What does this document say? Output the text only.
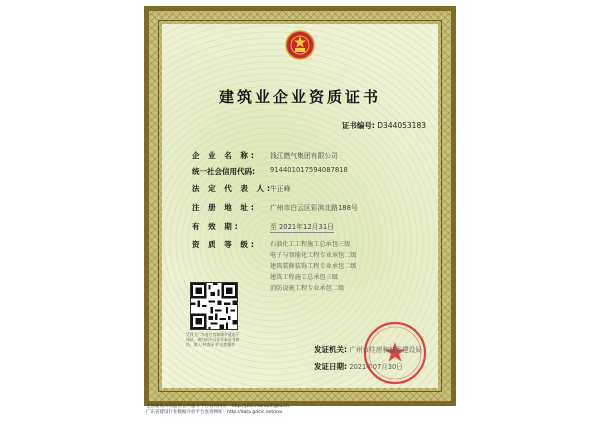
建筑业企业资质证书
证书编号: D344053183
企 业 名 称:	钱江燃气集团有限公司
统一社会信用代码:	914401017594087818
法 定 代 表 人:
牛正峰
注 册 地 址:	广州市白云区彩滨北路188号
有 效 期:	至 2021年12月31日
资 质 等 级:	石油化工工程施工总承包三级
电子与智能化工程专业承包二级
建筑装修装饰工程专业承包二级
建筑工程施工总承包三级
消防设施工程专业承包二级
凭我卫广东省住房和城乡建设厅网站，或扫码方可证实本证书真伪，填入"核查证书"后续操作
发证机关: 广州市住房和城乡建设局
发证日期: 2021年07月30日
全国建筑市场监管公共服务平台查询网址：http://jzsc.mohurd.gov.cn
广东省建设行业数据开放平台查询网址：http://data.gdcic.net/xxx
